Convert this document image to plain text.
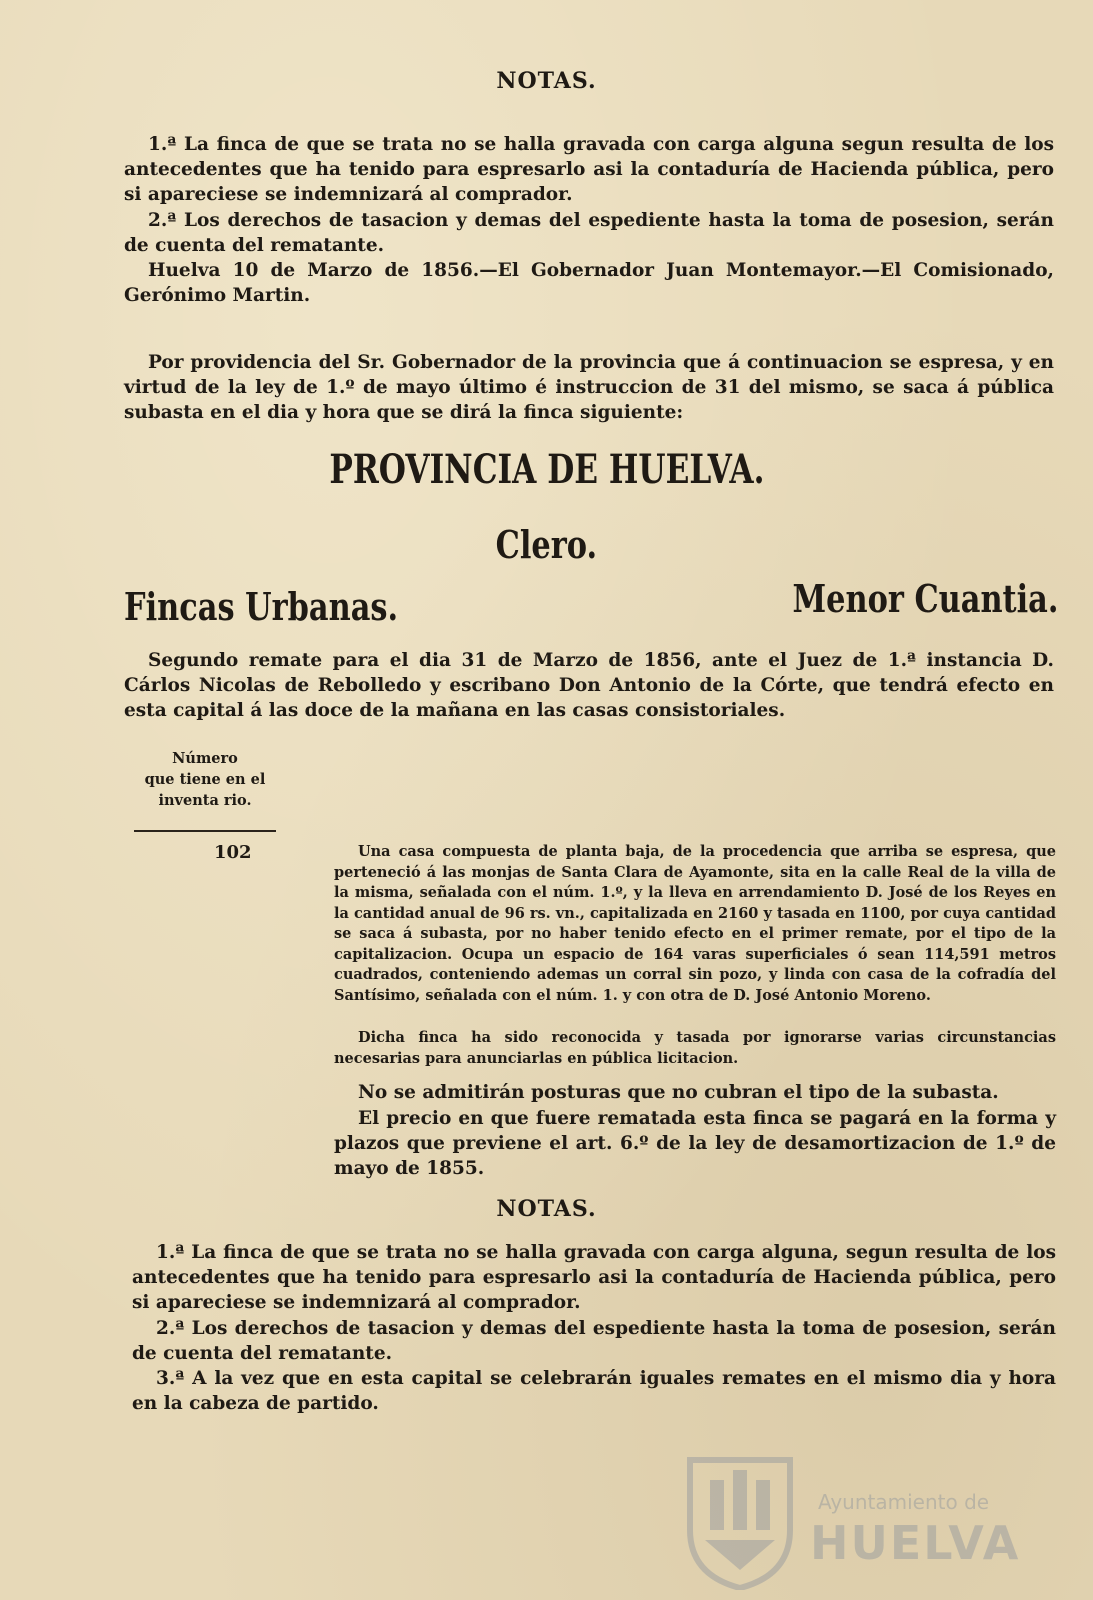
NOTAS.
1.ª La finca de que se trata no se halla gravada con carga alguna segun resulta de los antecedentes que ha tenido para espresarlo asi la contaduría de Hacienda pública, pero si apareciese se indemnizará al comprador.
2.ª Los derechos de tasacion y demas del espediente hasta la toma de posesion, serán de cuenta del rematante.
Huelva 10 de Marzo de 1856.—El Gobernador Juan Montemayor.—El Comisionado, Gerónimo Martin.
Por providencia del Sr. Gobernador de la provincia que á continuacion se espresa, y en virtud de la ley de 1.º de mayo último é instruccion de 31 del mismo, se saca á pública subasta en el dia y hora que se dirá la finca siguiente:
PROVINCIA DE HUELVA.
Clero.
Fincas Urbanas.	Menor Cuantia.
Segundo remate para el dia 31 de Marzo de 1856, ante el Juez de 1.ª instancia D. Cárlos Nicolas de Rebolledo y escribano Don Antonio de la Córte, que tendrá efecto en esta capital á las doce de la mañana en las casas consistoriales.
Número
que tiene en el
inventa rio.
102	Una casa compuesta de planta baja, de la procedencia que arriba se espresa, que perteneció á las monjas de Santa Clara de Ayamonte, sita en la calle Real de la villa de la misma, señalada con el núm. 1.º, y la lleva en arrendamiento D. José de los Reyes en la cantidad anual de 96 rs. vn., capitalizada en 2160 y tasada en 1100, por cuya cantidad se saca á subasta, por no haber tenido efecto en el primer remate, por el tipo de la capitalizacion. Ocupa un espacio de 164 varas superficiales ó sean 114,591 metros cuadrados, conteniendo ademas un corral sin pozo, y linda con casa de la cofradía del Santísimo, señalada con el núm. 1. y con otra de D. José Antonio Moreno.
Dicha finca ha sido reconocida y tasada por ignorarse varias circunstancias necesarias para anunciarlas en pública licitacion.
No se admitirán posturas que no cubran el tipo de la subasta.
El precio en que fuere rematada esta finca se pagará en la forma y plazos que previene el art. 6.º de la ley de desamortizacion de 1.º de mayo de 1855.
NOTAS.
1.ª La finca de que se trata no se halla gravada con carga alguna, segun resulta de los antecedentes que ha tenido para espresarlo asi la contaduría de Hacienda pública, pero si apareciese se indemnizará al comprador.
2.ª Los derechos de tasacion y demas del espediente hasta la toma de posesion, serán de cuenta del rematante.
3.ª A la vez que en esta capital se celebrarán iguales remates en el mismo dia y hora en la cabeza de partido.
Ayuntamiento de
HUELVA
